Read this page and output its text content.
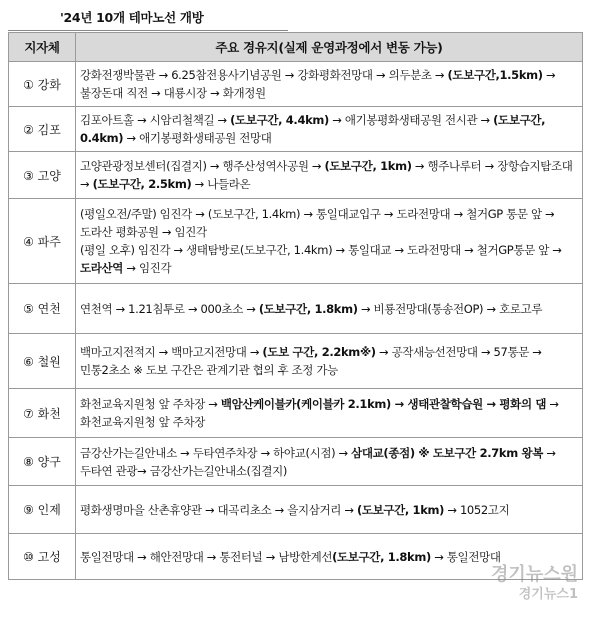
'24년 10개 테마노선 개방
지자체	주요 경유지(실제 운영과정에서 변동 가능)
① 강화	강화전쟁박물관 → 6.25참전용사기념공원 → 강화평화전망대 → 의두분초 → (도보구간,1.5km) → 불장돈대 직전 → 대룡시장 → 화개정원

② 김포	김포아트홀 → 시암리철책길 → (도보구간, 4.4km) → 애기봉평화생태공원 전시관 → (도보구간, 0.4km) → 애기봉평화생태공원 전망대

③ 고양	고양관광정보센터(집결지) → 행주산성역사공원 → (도보구간, 1km) → 행주나루터 → 장항습지탐조대 → (도보구간, 2.5km) → 나들라온

④ 파주	(평일오전/주말) 임진각 → (도보구간, 1.4km) → 통일대교입구 → 도라전망대 → 철거GP 통문 앞 → 도라산 평화공원 → 임진각

(평일 오후) 임진각 → 생태탐방로(도보구간, 1.4km) → 통일대교 → 도라전망대 → 철거GP통문 앞 → 도라산역 → 임진각

⑤ 연천	연천역 → 1.21침투로 → 000초소 → (도보구간, 1.8km) → 비룡전망대(통송전OP) → 호로고루

⑥ 철원	백마고지전적지 → 백마고지전망대 → (도보 구간, 2.2km※) → 공작새능선전망대 → 57통문 → 민통2초소 ※ 도보 구간은 관계기관 협의 후 조정 가능

⑦ 화천	화천교육지원청 앞 주차장 → 백암산케이블카(케이블카 2.1km) → 생태관찰학습원 → 평화의 댐 →화천교육지원청 앞 주차장

⑧ 양구	금강산가는길안내소 → 두타연주차장 → 하야교(시점) → 삼대교(종점) ※ 도보구간 2.7km 왕복 → 두타연 관광→ 금강산가는길안내소(집결지)

⑨ 인제	평화생명마을 산촌휴양관 → 대곡리초소 → 을지삼거리 → (도보구간, 1km) → 1052고지

⑩ 고성	통일전망대 → 해안전망대 → 통전터널 → 남방한계선(도보구간, 1.8km) → 통일전망대

경기뉴스원
경기뉴스1
